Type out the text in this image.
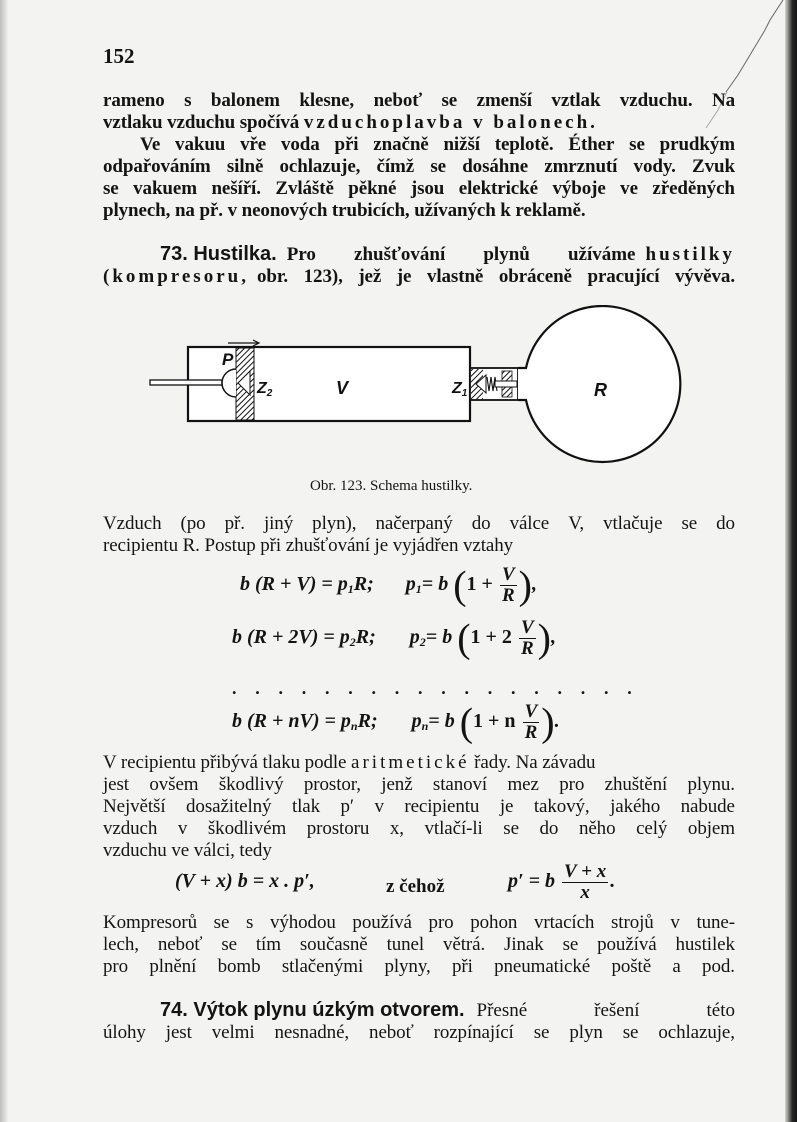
152
rameno s balonem klesne, neboť se zmenší vztlak vzduchu. Na
vztlaku vzduchu spočívá vzduchoplavba v balonech .
Ve vakuu vře voda při značně nižší teplotě. Éther se prudkým
odpařováním silně ochlazuje, čímž se dosáhne zmrznutí vody. Zvuk
se vakuem nešíří. Zvláště pěkné jsou elektrické výboje ve zředěných
plynech, na př. v neonových trubicích, užívaných k reklamě.
73. Hustilka. Pro zhušťování plynů užíváme hustilky
(kompresoru, obr. 123), jež je vlastně obráceně pracující vývěva.
P
Z2	V	Z1	R
Obr. 123. Schema hustilky.
Vzduch (po př. jiný plyn), načerpaný do válce V, vtlačuje se do
recipientu R. Postup při zhušťování je vyjádřen vztahy
b $(R + V) = p_1R$; $p_1= b$ ($1 + \frac{V}{R}$ ),
b $(R + 2V) = p_2R$; $p_2= b$ ($1 + 2 \frac{V}{R}$ ),
. . . . . . . . . . . . . . . . . .
b $(R + nV) = p_nR$; $p_n= b$ (1 + n $\frac{V}{R}$ ).
V recipientu přibývá tlaku podle aritmetické řady. Na závadu
jest ovšem škodlivý prostor, jenž stanoví mez pro zhuštění plynu.
Největší dosažitelný tlak p′ v recipientu je takový, jakého nabude
vzduch v škodlivém prostoru x, vtlačí-li se do něho celý objem
vzduchu ve válci, tedy
(V + x) b = x . p′,	z čehož	p′ = b $\frac{V + x}{x}$ .
Kompresorů se s výhodou používá pro pohon vrtacích strojů v tune-
lech, neboť se tím současně tunel větrá. Jinak se používá hustilek
pro plnění bomb stlačenými plyny, při pneumatické poště a pod.
74. Výtok plynu úzkým otvorem. Přesné	řešení	této
úlohy jest velmi nesnadné, neboť rozpínající se plyn se ochlazuje,
